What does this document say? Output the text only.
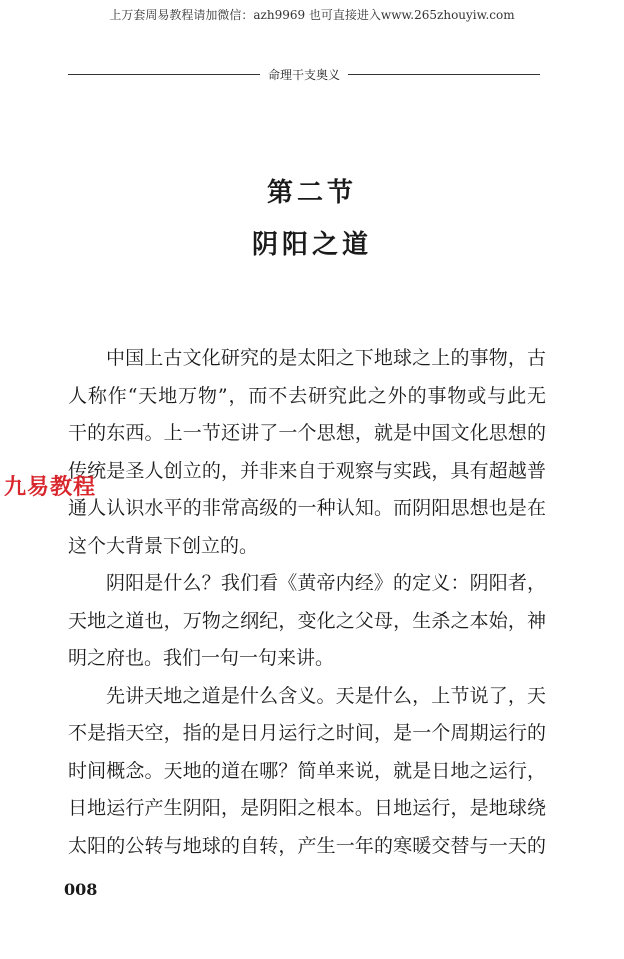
上万套周易教程请加微信：azh9969 也可直接进入www.265zhouyiw.com
命理干支奥义
第二节
阴阳之道
中国上古文化研究的是太阳之下地球之上的事物，古
人称作“天地万物”，而不去研究此之外的事物或与此无
干的东西。上一节还讲了一个思想，就是中国文化思想的
传统是圣人创立的，并非来自于观察与实践，具有超越普
通人认识水平的非常高级的一种认知。而阴阳思想也是在
这个大背景下创立的。
阴阳是什么？我们看《黄帝内经》的定义：阴阳者，
天地之道也，万物之纲纪，变化之父母，生杀之本始，神
明之府也。我们一句一句来讲。
先讲天地之道是什么含义。天是什么，上节说了，天
不是指天空，指的是日月运行之时间，是一个周期运行的
时间概念。天地的道在哪？简单来说，就是日地之运行，
日地运行产生阴阳，是阴阳之根本。日地运行，是地球绕
太阳的公转与地球的自转，产生一年的寒暖交替与一天的
九易教程
008
